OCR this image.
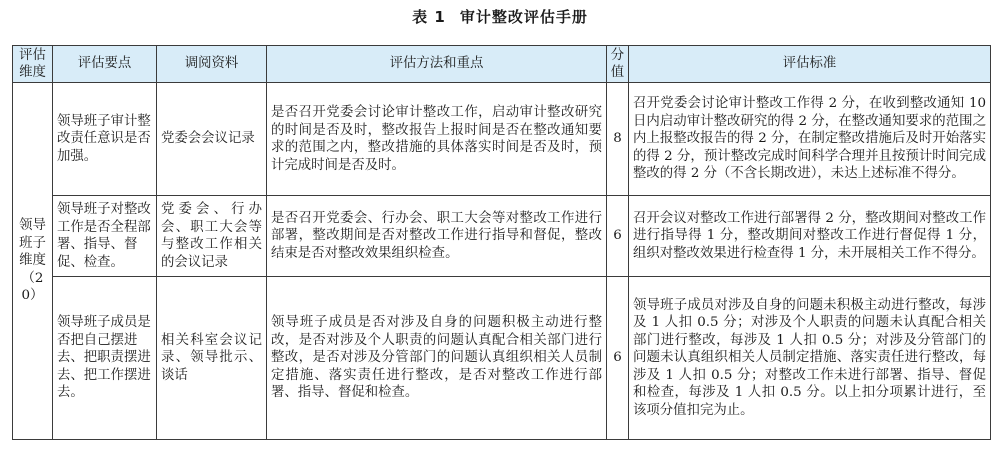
表 1 审计整改评估手册
评估维度	评估要点	调阅资料	评估方法和重点	分值	评估标准
领导班子维度
（20）	领导班子审计整改责任意识是否加强。	党委会会议记录	是否召开党委会讨论审计整改工作，启动审计整改研究的时间是否及时，整改报告上报时间是否在整改通知要求的范围之内，整改措施的具体落实时间是否及时，预计完成时间是否及时。	8	召开党委会讨论审计整改工作得 2 分，在收到整改通知 10 日内启动审计整改研究的得 2 分，在整改通知要求的范围之内上报整改报告的得 2 分，在制定整改措施后及时开始落实的得 2 分，预计整改完成时间科学合理并且按预计时间完成整改的得 2 分（不含长期改进），未达上述标准不得分。
	领导班子对整改工作是否全程部署、指导、督促、检查。	党委会、行办会、职工大会等与整改工作相关的会议记录	是否召开党委会、行办会、职工大会等对整改工作进行部署，整改期间是否对整改工作进行指导和督促，整改结束是否对整改效果组织检查。	6	召开会议对整改工作进行部署得 2 分，整改期间对整改工作进行指导得 1 分，整改期间对整改工作进行督促得 1 分，组织对整改效果进行检查得 1 分，未开展相关工作不得分。
	领导班子成员是否把自己摆进去、把职责摆进去、把工作摆进去。	相关科室会议记录、领导批示、谈话	领导班子成员是否对涉及自身的问题积极主动进行整改，是否对涉及个人职责的问题认真配合相关部门进行整改，是否对涉及分管部门的问题认真组织相关人员制定措施、落实责任进行整改，是否对整改工作进行部署、指导、督促和检查。	6	领导班子成员对涉及自身的问题未积极主动进行整改，每涉及 1 人扣 0.5 分；对涉及个人职责的问题未认真配合相关部门进行整改，每涉及 1 人扣 0.5 分；对涉及分管部门的问题未认真组织相关人员制定措施、落实责任进行整改，每涉及 1 人扣 0.5 分；对整改工作未进行部署、指导、督促和检查，每涉及 1 人扣 0.5 分。以上扣分项累计进行，至该项分值扣完为止。
